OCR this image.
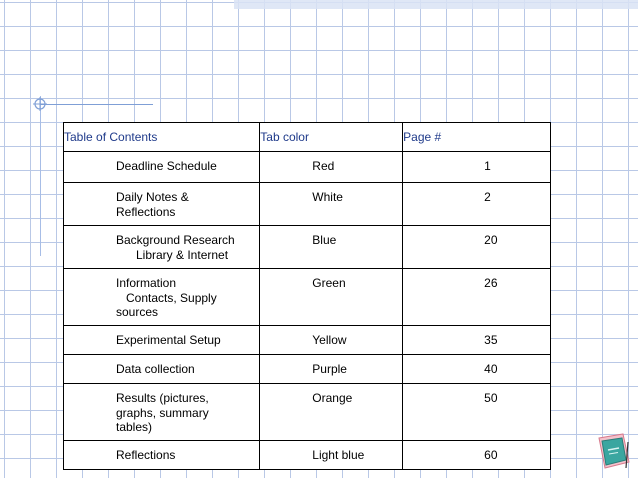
Table of Contents	Tab color	Page #

Deadline Schedule	Red	1

Daily Notes &
Reflections	White	2

Background Research
Library & Internet	Blue	20

Information
Contacts, Supply
sources	Green	26

Experimental Setup	Yellow	35

Data collection	Purple	40

Results (pictures,
graphs, summary
tables)	Orange	50

Reflections	Light blue	60
